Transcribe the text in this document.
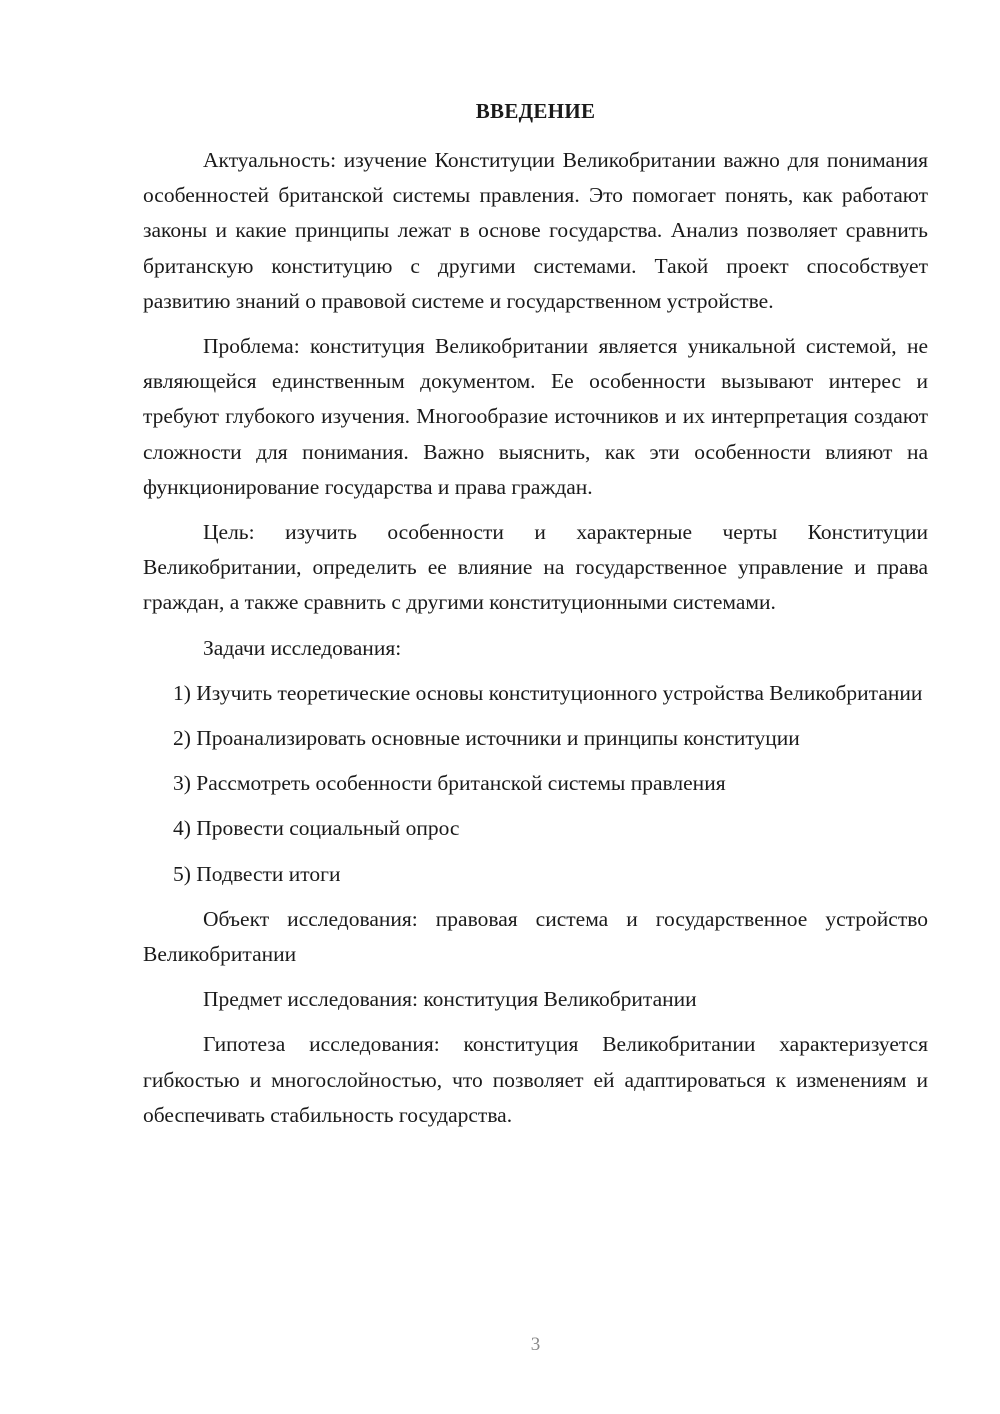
ВВЕДЕНИЕ

Актуальность: изучение Конституции Великобритании важно для понимания особенностей британской системы правления. Это помогает понять, как работают законы и какие принципы лежат в основе государства. Анализ позволяет сравнить британскую конституцию с другими системами. Такой проект способствует развитию знаний о правовой системе и государственном устройстве.

Проблема: конституция Великобритании является уникальной системой, не являющейся единственным документом. Ее особенности вызывают интерес и требуют глубокого изучения. Многообразие источников и их интерпретация создают сложности для понимания. Важно выяснить, как эти особенности влияют на функционирование государства и права граждан.

Цель: изучить особенности и характерные черты Конституции Великобритании, определить ее влияние на государственное управление и права граждан, а также сравнить с другими конституционными системами.

Задачи исследования:

1) Изучить теоретические основы конституционного устройства Великобритании

2) Проанализировать основные источники и принципы конституции

3) Рассмотреть особенности британской системы правления

4) Провести социальный опрос

5) Подвести итоги

Объект исследования: правовая система и государственное устройство Великобритании

Предмет исследования: конституция Великобритании

Гипотеза исследования: конституция Великобритании характеризуется гибкостью и многослойностью, что позволяет ей адаптироваться к изменениям и обеспечивать стабильность государства.

3
